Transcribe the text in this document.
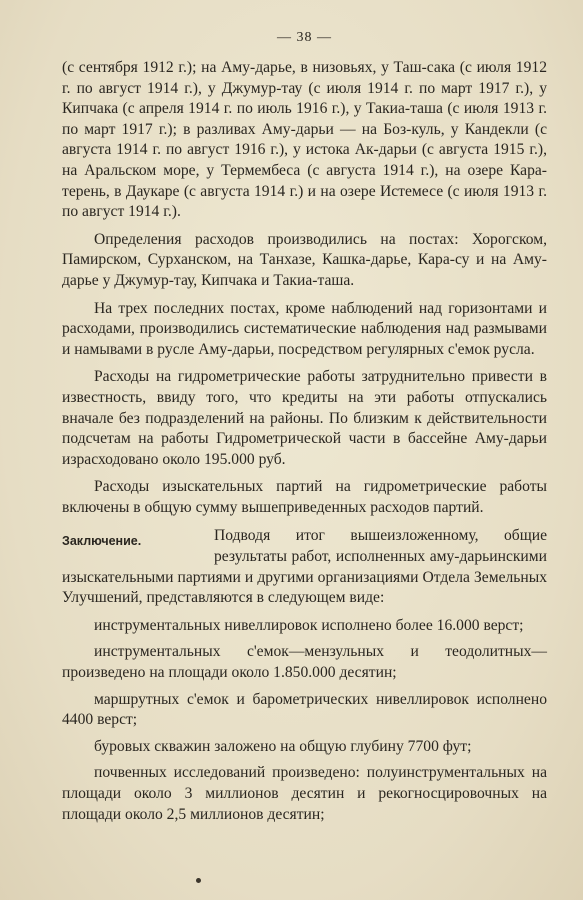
— 38 —

(с сентября 1912 г.); на Аму-дарье, в низовьях, у Таш-сака (с июля 1912 г. по август 1914 г.), у Джумур-тау (с июля 1914 г. по март 1917 г.), у Кипчака (с апреля 1914 г. по июль 1916 г.), у Такиа-таша (с июля 1913 г. по март 1917 г.); в разливах Аму-дарьи — на Боз-куль, у Кандекли (с августа 1914 г. по август 1916 г.), у истока Ак-дарьи (с августа 1915 г.), на Аральском море, у Термембеса (с августа 1914 г.), на озере Кара-терень, в Даукаре (с августа 1914 г.) и на озере Истемесе (с июля 1913 г. по август 1914 г.).

Определения расходов производились на постах: Хорогском, Памирском, Сурханском, на Танхазе, Кашка-дарье, Кара-су и на Аму-дарье у Джумур-тау, Кипчака и Такиа-таша.

На трех последних постах, кроме наблюдений над горизонтами и расходами, производились систематические наблюдения над размывами и намывами в русле Аму-дарьи, посредством регулярных с'емок русла.

Расходы на гидрометрические работы затруднительно привести в известность, ввиду того, что кредиты на эти работы отпускались вначале без подразделений на районы. По близким к действительности подсчетам на работы Гидрометрической части в бассейне Аму-дарьи израсходовано около 195.000 руб.

Расходы изыскательных партий на гидрометрические работы включены в общую сумму вышеприведенных расходов партий.

Заключение.	Подводя итог вышеизложенному, общие результаты работ, исполненных аму-дарьинскими изыскательными партиями и другими организациями Отдела Земельных Улучшений, представляются в следующем виде:

инструментальных нивеллировок исполнено более 16.000 верст;

инструментальных с'емок—мензульных и теодолитных—произведено на площади около 1.850.000 десятин;

маршрутных с'емок и барометрических нивеллировок исполнено 4400 верст;

буровых скважин заложено на общую глубину 7700 фут;

почвенных исследований произведено: полуинструментальных на площади около 3 миллионов десятин и рекогносцировочных на площади около 2,5 миллионов десятин;
